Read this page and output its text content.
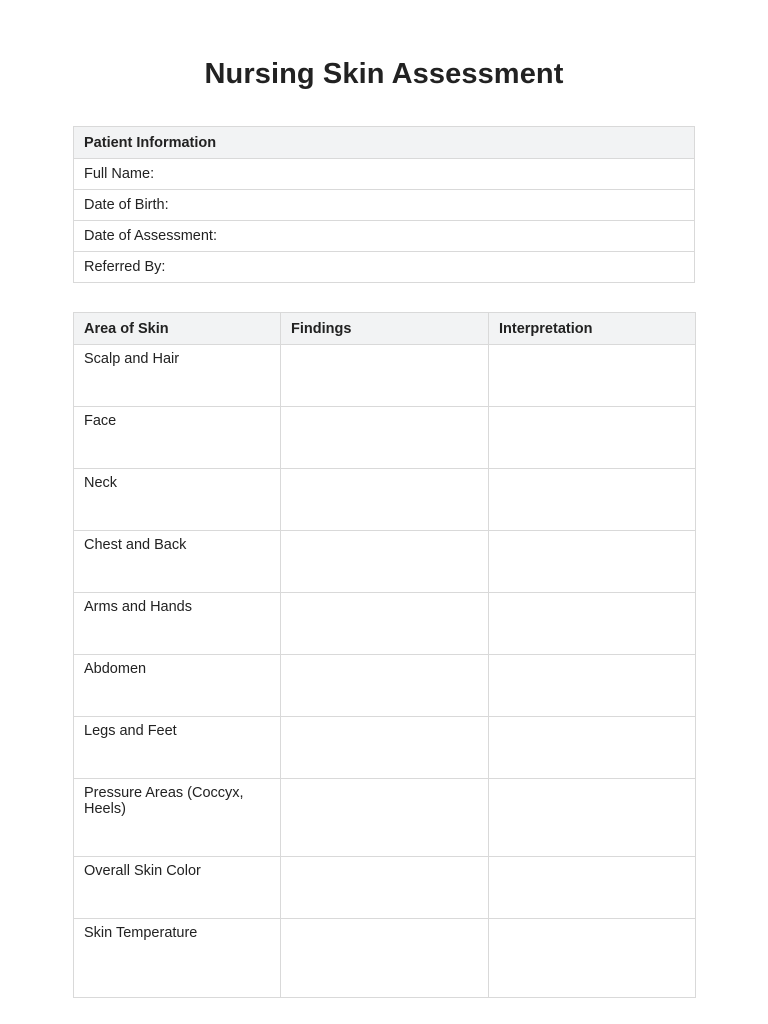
Nursing Skin Assessment
Patient Information
Full Name:
Date of Birth:
Date of Assessment:
Referred By:
Area of Skin	Findings	Interpretation
Scalp and Hair		
Face		
Neck		
Chest and Back		
Arms and Hands		
Abdomen		
Legs and Feet		
Pressure Areas (Coccyx, Heels)		
Overall Skin Color		
Skin Temperature		
